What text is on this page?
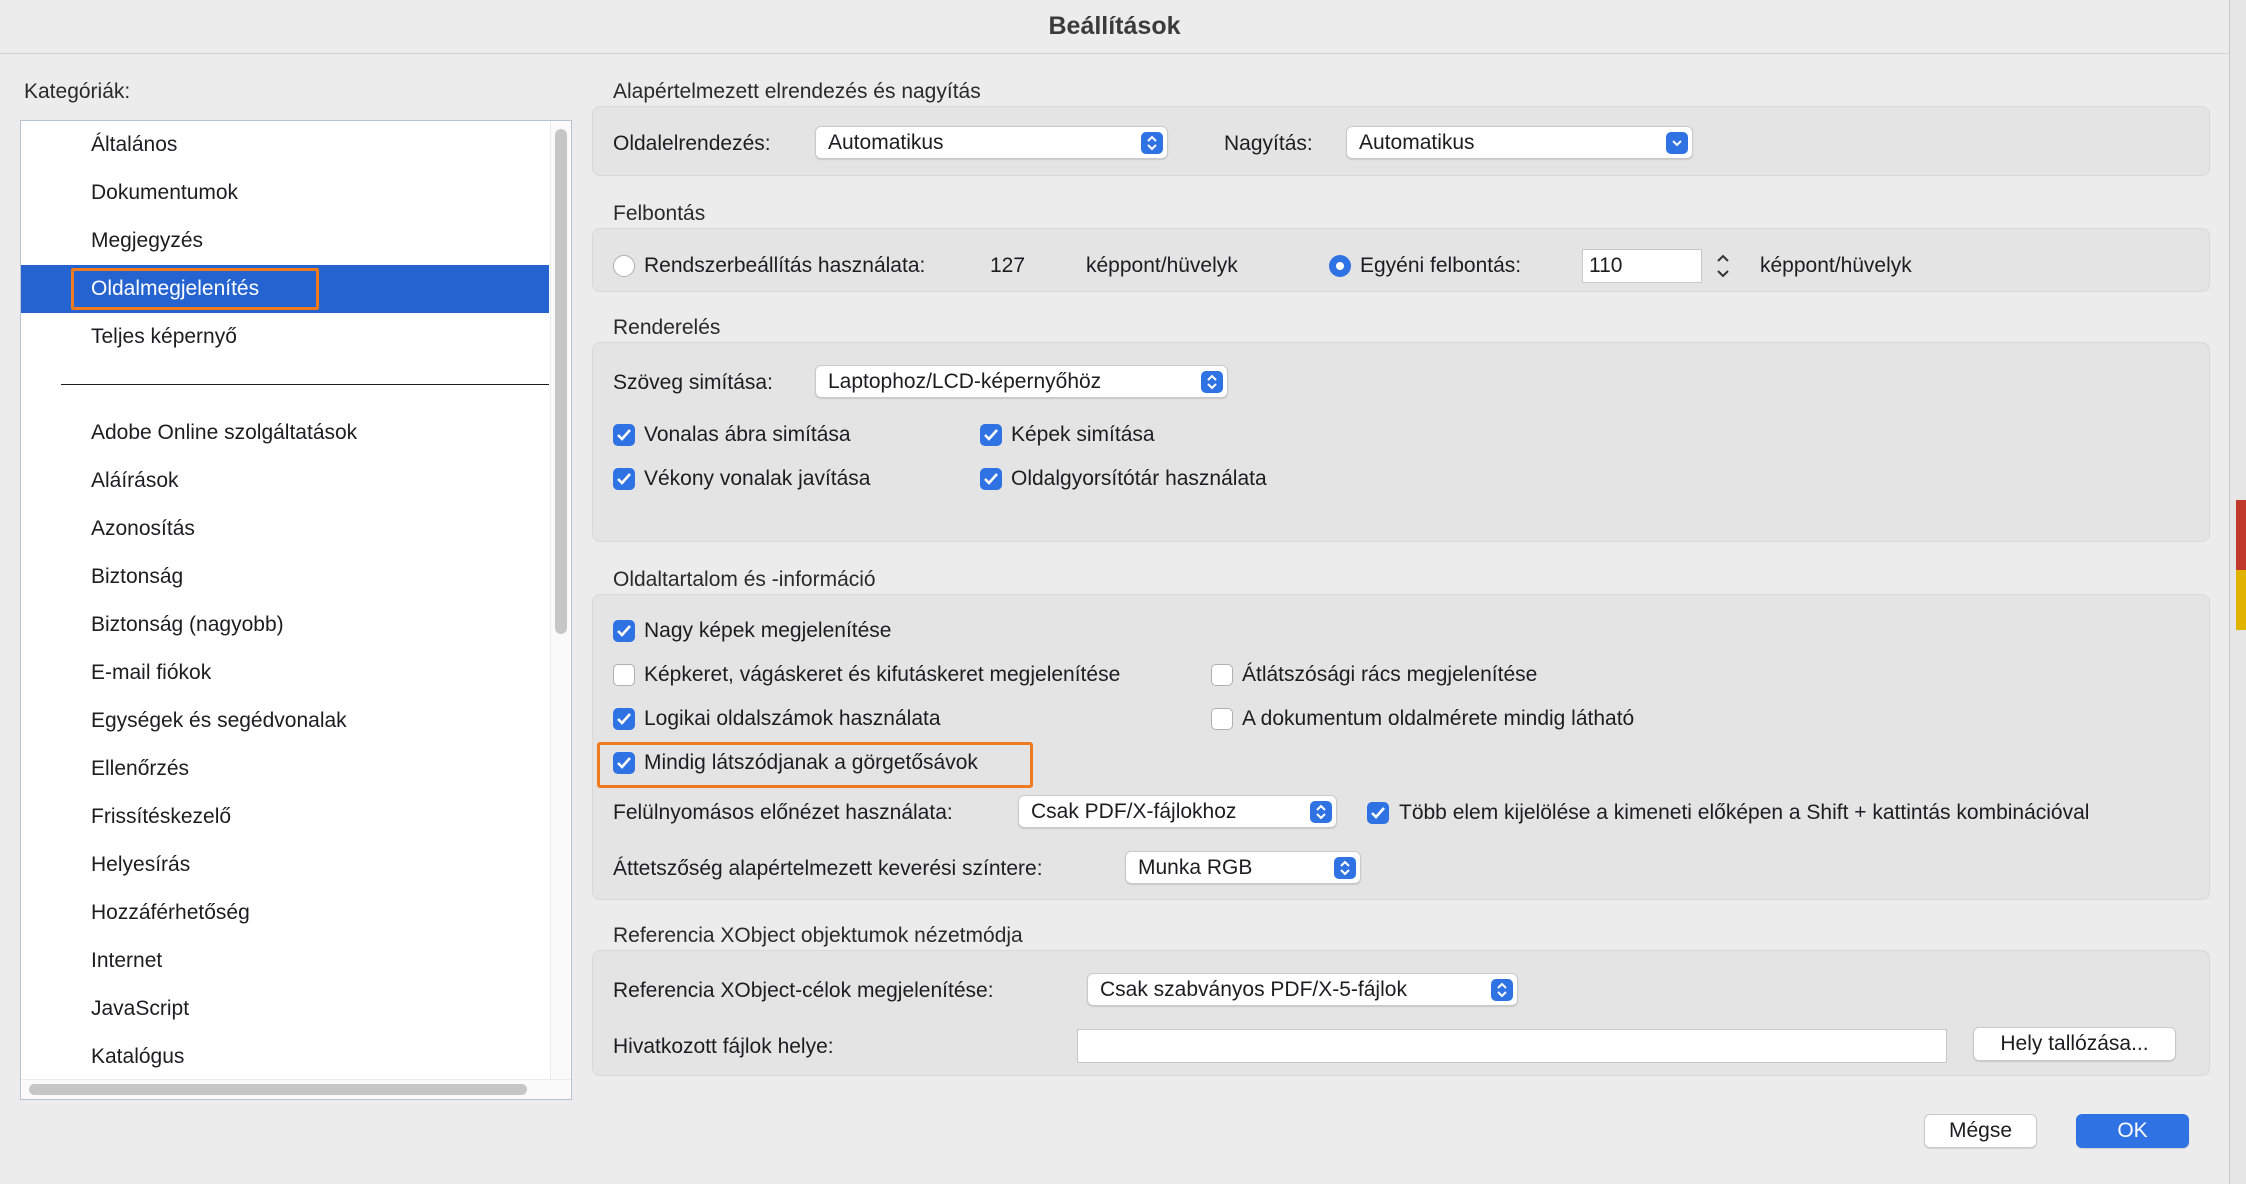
Beállítások
Kategóriák:
Általános
Dokumentumok
Megjegyzés
Oldalmegjelenítés
Teljes képernyő
Adobe Online szolgáltatások
Aláírások
Azonosítás
Biztonság
Biztonság (nagyobb)
E-mail fiókok
Egységek és segédvonalak
Ellenőrzés
Frissítéskezelő
Helyesírás
Hozzáférhetőség
Internet
JavaScript
Katalógus
Alapértelmezett elrendezés és nagyítás
Oldalelrendezés:	Automatikus	Nagyítás:	Automatikus
Felbontás
Rendszerbeállítás használata:	127	képpont/hüvelyk	Egyéni felbontás:	110	képpont/hüvelyk
Renderelés
Szöveg simítása:	Laptophoz/LCD-képernyőhöz
Vonalas ábra simítása	Képek simítása
Vékony vonalak javítása	Oldalgyorsítótár használata
Oldaltartalom és -információ
Nagy képek megjelenítése
Képkeret, vágáskeret és kifutáskeret megjelenítése	Átlátszósági rács megjelenítése
Logikai oldalszámok használata	A dokumentum oldalmérete mindig látható
Mindig látszódjanak a görgetősávok
Felülnyomásos előnézet használata:	Csak PDF/X-fájlokhoz	Több elem kijelölése a kimeneti előképen a Shift + kattintás kombinációval
Áttetszőség alapértelmezett keverési színtere:	Munka RGB
Referencia XObject objektumok nézetmódja
Referencia XObject-célok megjelenítése:	Csak szabványos PDF/X-5-fájlok
Hivatkozott fájlok helye:	Hely tallózása...
Mégse	OK
